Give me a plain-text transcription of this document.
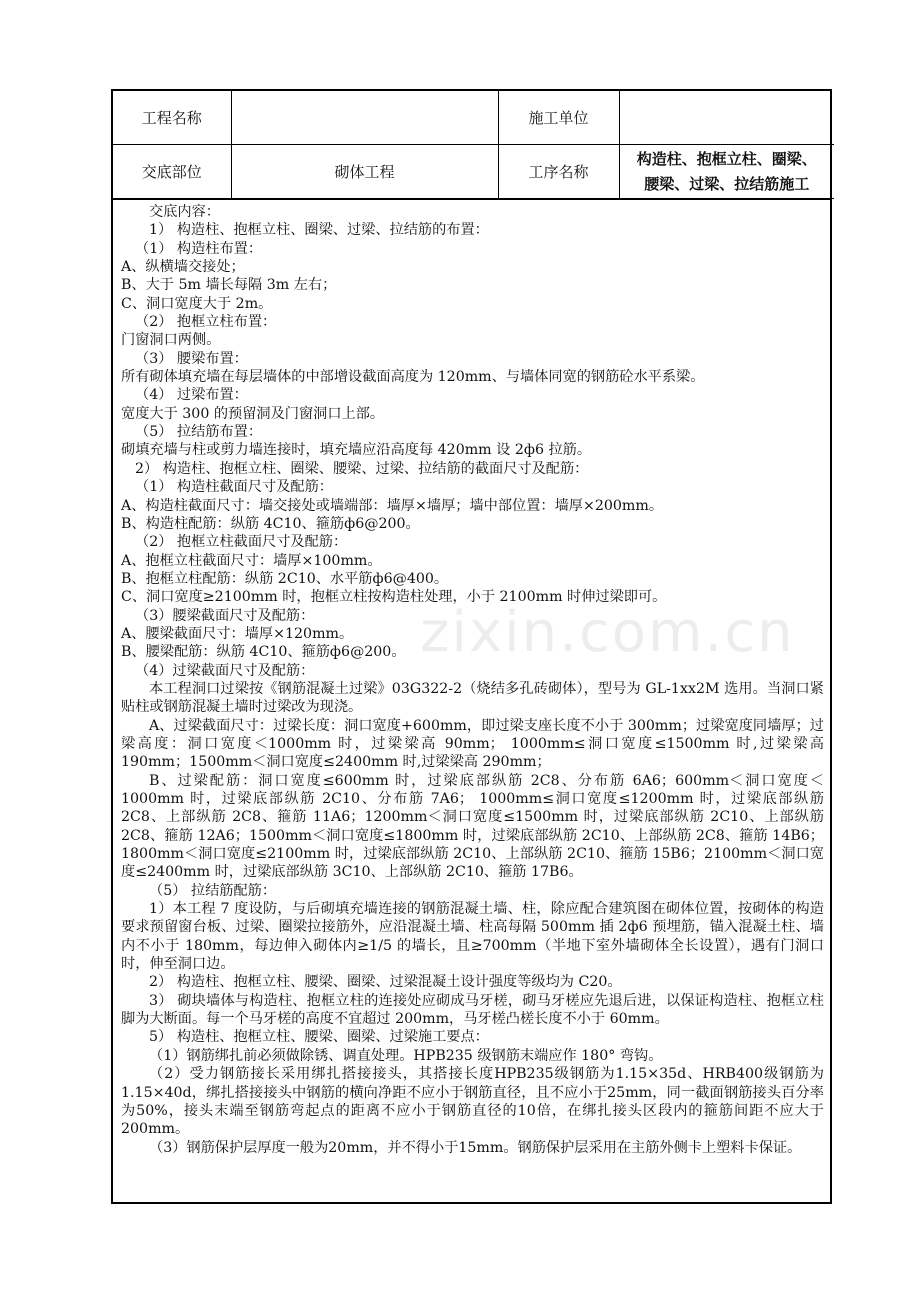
工程名称		施工单位	
交底部位	砌体工程	工序名称	构造柱、抱框立柱、圈梁、
腰梁、过梁、拉结筋施工

交底内容：

1） 构造柱、抱框立柱、圈梁、过梁、拉结筋的布置：

（1） 构造柱布置：

A、纵横墙交接处；

B、大于 5m 墙长每隔 3m 左右；

C、洞口宽度大于 2m。

（2） 抱框立柱布置：

门窗洞口两侧。

（3） 腰梁布置：

所有砌体填充墙在每层墙体的中部增设截面高度为 120mm、与墙体同宽的钢筋砼水平系梁。

（4） 过梁布置：

宽度大于 300 的预留洞及门窗洞口上部。

（5） 拉结筋布置：

砌填充墙与柱或剪力墙连接时，填充墙应沿高度每 420mm 设 2ф6 拉筋。

2） 构造柱、抱框立柱、圈梁、腰梁、过梁、拉结筋的截面尺寸及配筋：

（1） 构造柱截面尺寸及配筋：

A、构造柱截面尺寸：墙交接处或墙端部：墙厚×墙厚；墙中部位置：墙厚×200mm。

B、构造柱配筋：纵筋 4C10、箍筋ф6@200。

（2） 抱框立柱截面尺寸及配筋：

A、抱框立柱截面尺寸：墙厚×100mm。

B、抱框立柱配筋：纵筋 2C10、水平筋ф6@400。

C、洞口宽度≥2100mm 时，抱框立柱按构造柱处理，小于 2100mm 时伸过梁即可。

（3）腰梁截面尺寸及配筋：

A、腰梁截面尺寸：墙厚×120mm。

B、腰梁配筋：纵筋 4C10、箍筋ф6@200。

（4）过梁截面尺寸及配筋：

本工程洞口过梁按《钢筋混凝土过梁》03G322-2（烧结多孔砖砌体），型号为 GL-1xx2M 选用。当洞口紧贴柱或钢筋混凝土墙时过梁改为现浇。

A、过梁截面尺寸：过梁长度：洞口宽度+600mm，即过梁支座长度不小于 300mm；过梁宽度同墙厚；过梁高度：洞口宽度＜1000mm 时，过梁梁高 90mm； 1000mm≤洞口宽度≤1500mm 时,过梁梁高 190mm；1500mm＜洞口宽度≤2400mm 时,过梁梁高 290mm；

B、过梁配筋：洞口宽度≤600mm 时，过梁底部纵筋 2C8、分布筋 6A6；600mm＜洞口宽度＜1000mm 时，过梁底部纵筋 2C10、分布筋 7A6； 1000mm≤洞口宽度≤1200mm 时，过梁底部纵筋 2C8、上部纵筋 2C8、箍筋 11A6；1200mm＜洞口宽度≤1500mm 时，过梁底部纵筋 2C10、上部纵筋 2C8、箍筋 12A6；1500mm＜洞口宽度≤1800mm 时，过梁底部纵筋 2C10、上部纵筋 2C8、箍筋 14B6；1800mm＜洞口宽度≤2100mm 时，过梁底部纵筋 2C10、上部纵筋 2C10、箍筋 15B6；2100mm＜洞口宽度≤2400mm 时，过梁底部纵筋 3C10、上部纵筋 2C10、箍筋 17B6。

（5） 拉结筋配筋：

1）本工程 7 度设防，与后砌填充墙连接的钢筋混凝土墙、柱，除应配合建筑图在砌体位置，按砌体的构造要求预留窗台板、过梁、圈梁拉接筋外，应沿混凝土墙、柱高每隔 500mm 插 2ф6 预埋筋，锚入混凝土柱、墙内不小于 180mm，每边伸入砌体内≥1/5 的墙长，且≥700mm（半地下室外墙砌体全长设置），遇有门洞口时，伸至洞口边。

2） 构造柱、抱框立柱、腰梁、圈梁、过梁混凝土设计强度等级均为 C20。

3） 砌块墙体与构造柱、抱框立柱的连接处应砌成马牙槎，砌马牙槎应先退后进，以保证构造柱、抱框立柱脚为大断面。每一个马牙槎的高度不宜超过 200mm，马牙槎凸槎长度不小于 60mm。

5） 构造柱、抱框立柱、腰梁、圈梁、过梁施工要点：

（1）钢筋绑扎前必须做除锈、调直处理。HPB235 级钢筋末端应作 180° 弯钩。

（2）受力钢筋接长采用绑扎搭接接头，其搭接长度HPB235级钢筋为1.15×35d、HRB400级钢筋为1.15×40d，绑扎搭接接头中钢筋的横向净距不应小于钢筋直径，且不应小于25mm，同一截面钢筋接头百分率为50%，接头末端至钢筋弯起点的距离不应小于钢筋直径的10倍，在绑扎接头区段内的箍筋间距不应大于200mm。

（3）钢筋保护层厚度一般为20mm，并不得小于15mm。钢筋保护层采用在主筋外侧卡上塑料卡保证。

zixin.com.cn
